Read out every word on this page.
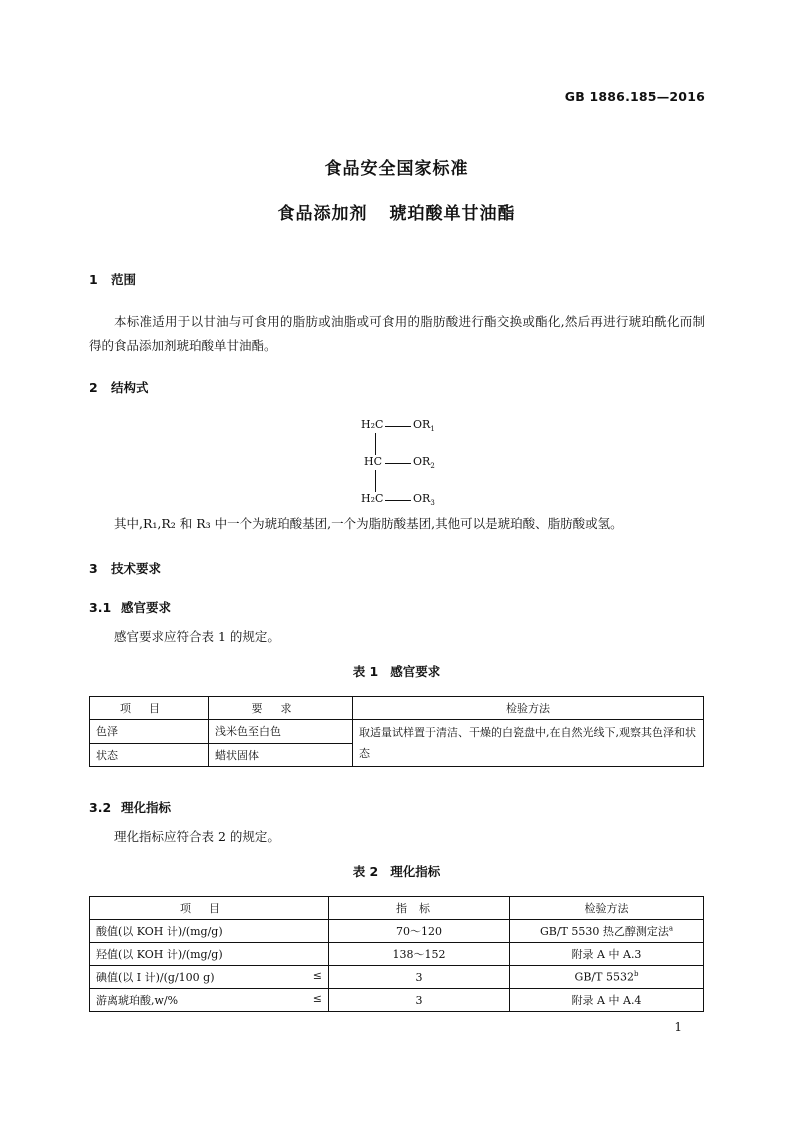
GB 1886.185—2016
食品安全国家标准
食品添加剂 琥珀酸单甘油酯
1 范围

本标准适用于以甘油与可食用的脂肪或油脂或可食用的脂肪酸进行酯交换或酯化,然后再进行琥珀酰化而制得的食品添加剂琥珀酸单甘油酯。

2 结构式
H₂C	$OR_1$
HC	$OR_2$
H₂C	$OR_3$

其中,R₁,R₂ 和 R₃ 中一个为琥珀酸基团,一个为脂肪酸基团,其他可以是琥珀酸、脂肪酸或氢。

3 技术要求
3.1 感官要求

感官要求应符合表 1 的规定。

表 1 感官要求
项目	要求	检验方法
色泽	浅米色至白色	取适量试样置于清洁、干燥的白瓷盘中,在自然光线下,观察其色泽和状态
状态	蜡状固体	
3.2 理化指标

理化指标应符合表 2 的规定。

表 2 理化指标
项目	指标	检验方法
酸值(以 KOH 计)/(mg/g)	70～120	GB/T 5530 热乙醇测定法$^a$
羟值(以 KOH 计)/(mg/g)	138～152	附录 A 中 A.3
碘值(以 I 计)/(g/100 g) ≤	3	GB/T 5532$^b$
游离琥珀酸,w/% ≤	3	附录 A 中 A.4
1
